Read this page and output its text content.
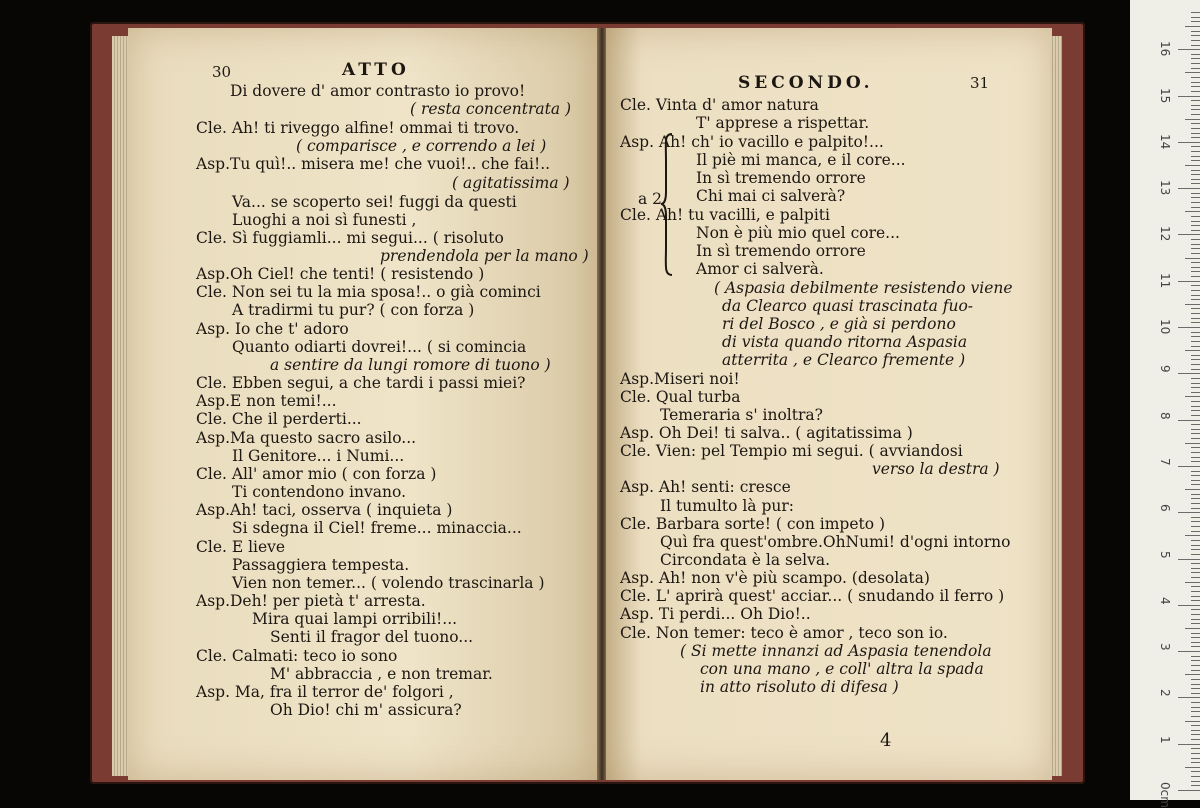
30	ATTO
SECONDO.	31
Di dovere d' amor contrasto io provo!
( resta concentrata )
Cle. Ah! ti riveggo alfine! ommai ti trovo.
( comparisce , e correndo a lei )
Asp.Tu quì!.. misera me! che vuoi!.. che fai!..
( agitatissima )
Va... se scoperto sei! fuggi da questi
Luoghi a noi sì funesti ,
Cle. Sì fuggiamli... mi segui... ( risoluto
prendendola per la mano )
Asp.Oh Ciel! che tenti! ( resistendo )
Cle. Non sei tu la mia sposa!.. o già cominci
A tradirmi tu pur? ( con forza )
Asp. Io che t' adoro
Quanto odiarti dovrei!... ( si comincia
a sentire da lungi romore di tuono )
Cle. Ebben segui, a che tardi i passi miei?
Asp.E non temi!...
Cle. Che il perderti...
Asp.Ma questo sacro asilo...
Il Genitore... i Numi...
Cle. All' amor mio ( con forza )
Ti contendono invano.
Asp.Ah! taci, osserva ( inquieta )
Si sdegna il Ciel! freme... minaccia...
Cle. E lieve
Passaggiera tempesta.
Vien non temer... ( volendo trascinarla )
Asp.Deh! per pietà t' arresta.
Mira quai lampi orribili!...
Senti il fragor del tuono...
Cle. Calmati: teco io sono
M' abbraccia , e non tremar.
Asp. Ma, fra il terror de' folgori ,
Oh Dio! chi m' assicura?
Cle. Vinta d' amor natura
T' apprese a rispettar.
Asp. Ah! ch' io vacillo e palpito!...
Il piè mi manca, e il core...
In sì tremendo orrore
Chi mai ci salverà?
Cle. Ah! tu vacilli, e palpiti
Non è più mio quel core...
In sì tremendo orrore
Amor ci salverà.
( Aspasia debilmente resistendo viene
da Clearco quasi trascinata fuo-
ri del Bosco , e già si perdono
di vista quando ritorna Aspasia
atterrita , e Clearco fremente )
Asp.Miseri noi!
Cle. Qual turba
Temeraria s' inoltra?
Asp. Oh Dei! ti salva.. ( agitatissima )
Cle. Vien: pel Tempio mi segui. ( avviandosi
verso la destra )
Asp. Ah! senti: cresce
Il tumulto là pur:
Cle. Barbara sorte! ( con impeto )
Quì fra quest'ombre.OhNumi! d'ogni intorno
Circondata è la selva.
Asp. Ah! non v'è più scampo. (desolata)
Cle. L' aprirà quest' acciar... ( snudando il ferro )
Asp. Ti perdi... Oh Dio!..
Cle. Non temer: teco è amor , teco son io.
( Si mette innanzi ad Aspasia tenendola
con una mano , e coll' altra la spada
in atto risoluto di difesa )
a 2
4
0cm
1
2
3
4
5
6
7
8
9
10
11
12
13
14
15
16
